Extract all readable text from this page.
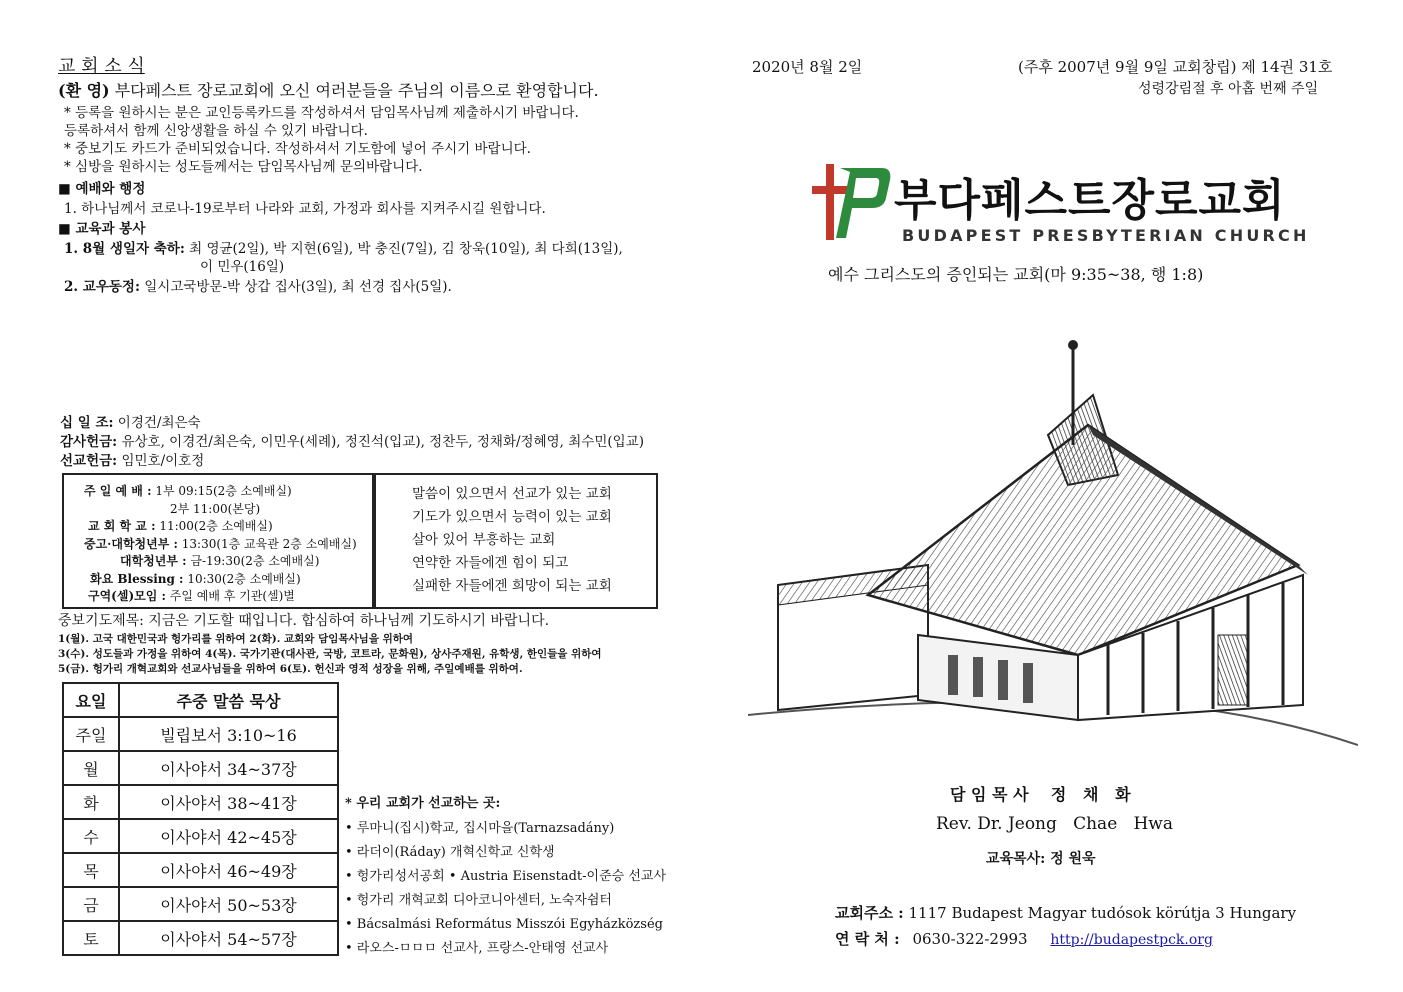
교 회 소 식
(환 영) 부다페스트 장로교회에 오신 여러분들을 주님의 이름으로 환영합니다.
* 등록을 원하시는 분은 교인등록카드를 작성하셔서 담임목사님께 제출하시기 바랍니다.
등록하셔서 함께 신앙생활을 하실 수 있기 바랍니다.
* 중보기도 카드가 준비되었습니다. 작성하셔서 기도함에 넣어 주시기 바랍니다.
* 심방을 원하시는 성도들께서는 담임목사님께 문의바랍니다.
■ 예배와 행정
1. 하나님께서 코로나-19로부터 나라와 교회, 가정과 회사를 지켜주시길 원합니다.
■ 교육과 봉사
1. 8월 생일자 축하: 최 영균(2일), 박 지현(6일), 박 충진(7일), 김 창욱(10일), 최 다희(13일),
이 민우(16일)
2. 교우동정: 일시고국방문-박 상갑 집사(3일), 최 선경 집사(5일).
십 일 조: 이경건/최은숙
감사헌금: 유상호, 이경건/최은숙, 이민우(세례), 정진석(입교), 정찬두, 정채화/정혜영, 최수민(입교)
선교헌금: 임민호/이호정
주 일 예 배 : 1부 09:15(2층 소예배실)
2부 11:00(본당)
교 회 학 교 : 11:00(2층 소예배실)
중고·대학청년부 : 13:30(1층 교육관 2층 소예배실)
대학청년부 : 금-19:30(2층 소예배실)
화요 Blessing : 10:30(2층 소예배실)
구역(셀)모임 : 주일 예배 후 기관(셀)별
말씀이 있으면서 선교가 있는 교회
기도가 있으면서 능력이 있는 교회
살아 있어 부흥하는 교회
연약한 자들에겐 힘이 되고
실패한 자들에겐 희망이 되는 교회
중보기도제목: 지금은 기도할 때입니다. 합심하여 하나님께 기도하시기 바랍니다.
1(월). 고국 대한민국과 헝가리를 위하여 2(화). 교회와 담임목사님을 위하여
3(수). 성도들과 가정을 위하여 4(목). 국가기관(대사관, 국방, 코트라, 문화원), 상사주재원, 유학생, 한인들을 위하여
5(금). 헝가리 개혁교회와 선교사님들을 위하여 6(토). 헌신과 영적 성장을 위해, 주일예배를 위하여.
요일	주중 말씀 묵상
주일	빌립보서 3:10~16
월	이사야서 34~37장
화	이사야서 38~41장
수	이사야서 42~45장
목	이사야서 46~49장
금	이사야서 50~53장
토	이사야서 54~57장
* 우리 교회가 선교하는 곳:
• 루마니(집시)학교, 집시마을(Tarnazsadány)
• 라더이(Ráday) 개혁신학교 신학생
• 헝가리성서공회 • Austria Eisenstadt-이준승 선교사
• 헝가리 개혁교회 디아코니아센터, 노숙자쉼터
• Bácsalmási Református Misszói Egyházközség
• 라오스-ㅁㅁㅁ 선교사, 프랑스-안태영 선교사
2020년 8월 2일	(주후 2007년 9월 9일 교회창립) 제 14권 31호
성령강림절 후 아홉 번째 주일
부다페스트장로교회
BUDAPEST PRESBYTERIAN CHURCH
예수 그리스도의 증인되는 교회(마 9:35~38, 행 1:8)
담 임 목 사    정   채   화
Rev. Dr. Jeong   Chae   Hwa
교육목사: 정 원욱
교회주소 : 1117 Budapest Magyar tudósok körútja 3 Hungary
연 락 처 : 0630-322-2993 http://budapestpck.org
